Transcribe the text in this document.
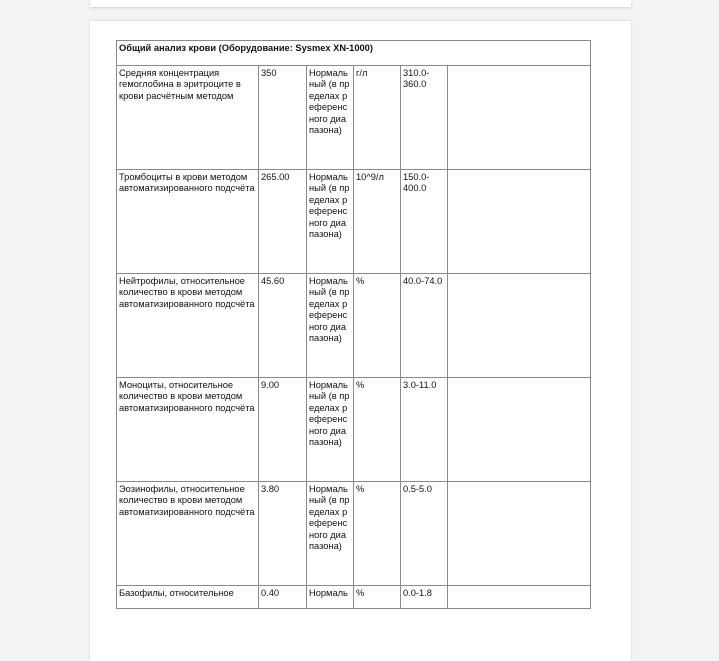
Общий анализ крови (Оборудование: Sysmex XN-1000)					
Средняя концентрация гемоглобина в эритроците в крови расчётным методом	350	Нормальный (в пределах референсного диапазона)	г/л	310.0-360.0	
Тромбоциты в крови методом автоматизированного подсчёта	265.00	Нормальный (в пределах референсного диапазона)	10^9/л	150.0-400.0	
Нейтрофилы, относительное количество в крови методом автоматизированного подсчёта	45.60	Нормальный (в пределах референсного диапазона)	%	40.0-74.0	
Моноциты, относительное количество в крови методом автоматизированного подсчёта	9.00	Нормальный (в пределах референсного диапазона)	%	3.0-11.0	
Эозинофилы, относительное количество в крови методом автоматизированного подсчёта	3.80	Нормальный (в пределах референсного диапазона)	%	0.5-5.0	
Базофилы, относительное	0.40	Нормаль	%	0.0-1.8	
